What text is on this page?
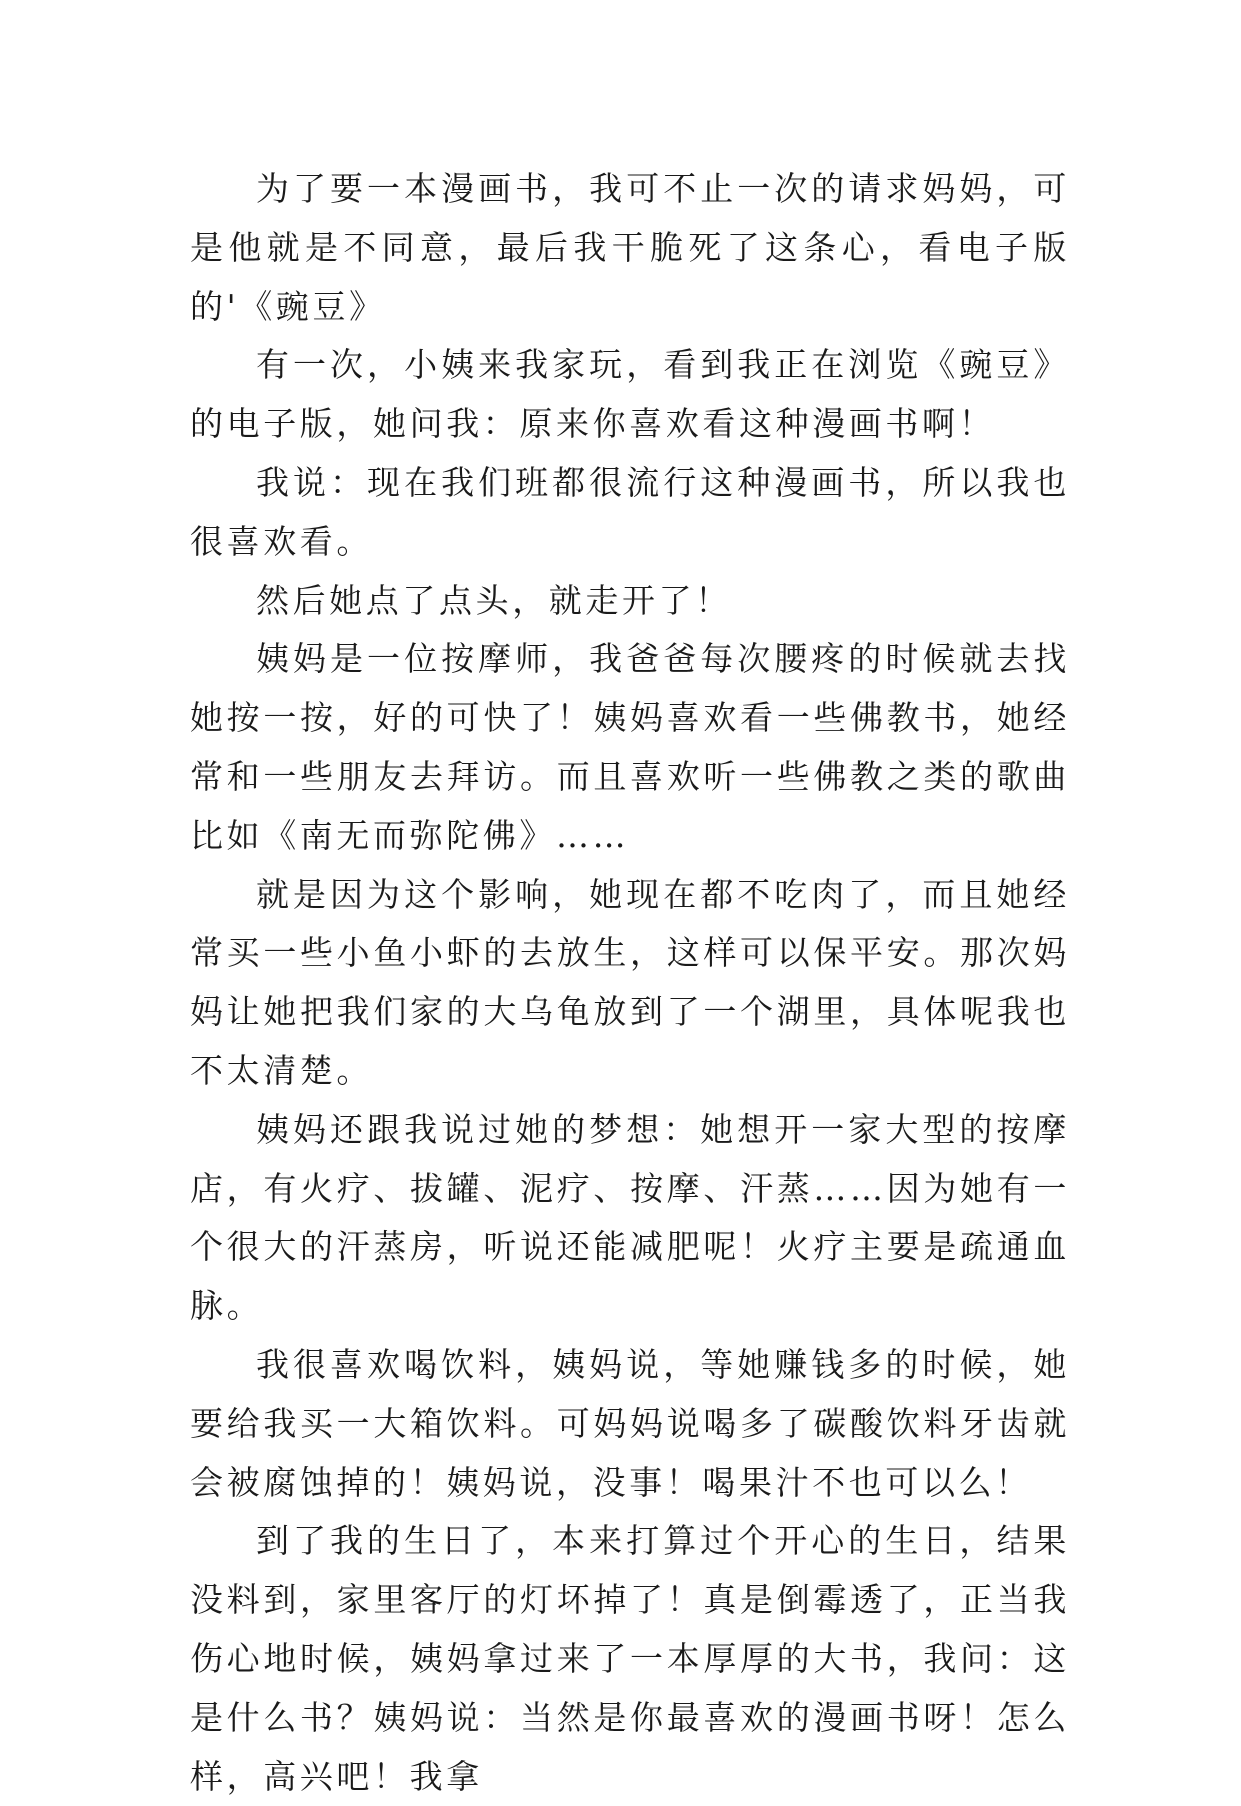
为了要一本漫画书，我可不止一次的请求妈妈，可是他就是不同意，最后我干脆死了这条心，看电子版的'《豌豆》

有一次，小姨来我家玩，看到我正在浏览《豌豆》的电子版，她问我：原来你喜欢看这种漫画书啊！

我说：现在我们班都很流行这种漫画书，所以我也很喜欢看。

然后她点了点头，就走开了！

姨妈是一位按摩师，我爸爸每次腰疼的时候就去找她按一按，好的可快了！姨妈喜欢看一些佛教书，她经常和一些朋友去拜访。而且喜欢听一些佛教之类的歌曲比如《南无而弥陀佛》……

就是因为这个影响，她现在都不吃肉了，而且她经常买一些小鱼小虾的去放生，这样可以保平安。那次妈妈让她把我们家的大乌龟放到了一个湖里，具体呢我也不太清楚。

姨妈还跟我说过她的梦想：她想开一家大型的按摩店，有火疗、拔罐、泥疗、按摩、汗蒸……因为她有一个很大的汗蒸房，听说还能减肥呢！火疗主要是疏通血脉。

我很喜欢喝饮料，姨妈说，等她赚钱多的时候，她要给我买一大箱饮料。可妈妈说喝多了碳酸饮料牙齿就会被腐蚀掉的！姨妈说，没事！喝果汁不也可以么！

到了我的生日了，本来打算过个开心的生日，结果没料到，家里客厅的灯坏掉了！真是倒霉透了，正当我伤心地时候，姨妈拿过来了一本厚厚的大书，我问：这是什么书？姨妈说：当然是你最喜欢的漫画书呀！怎么样，高兴吧！我拿
